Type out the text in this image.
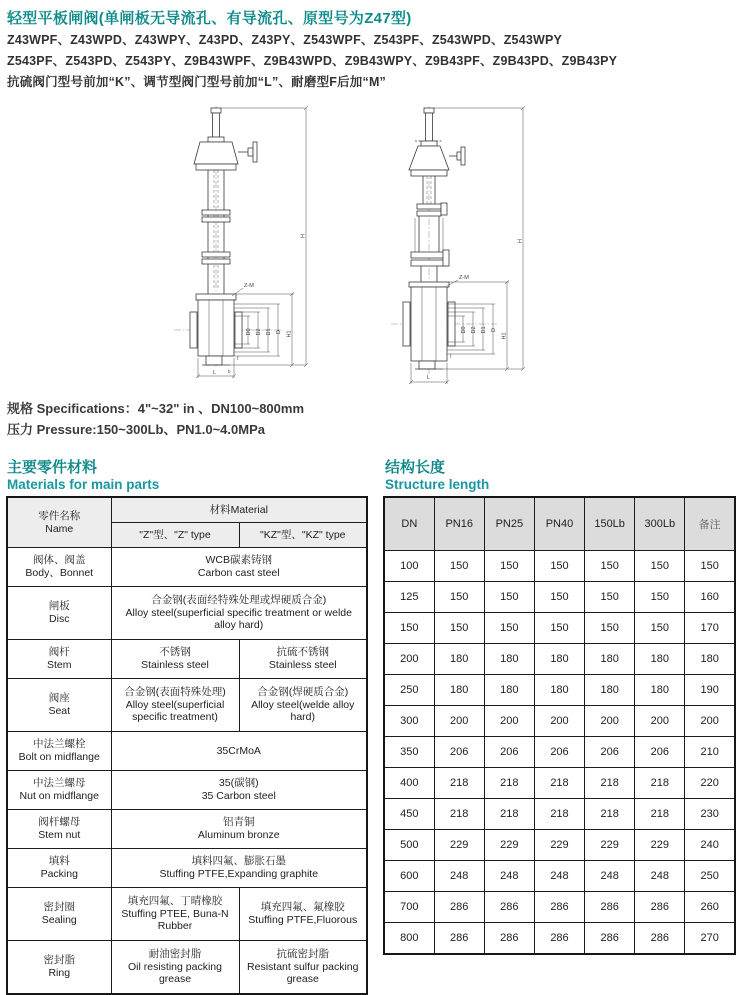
轻型平板闸阀(单闸板无导流孔、有导流孔、原型号为Z47型)
Z43WPF、Z43WPD、Z43WPY、Z43PD、Z43PY、Z543WPF、Z543PF、Z543WPD、Z543WPY
Z543PF、Z543PD、Z543PY、Z9B43WPF、Z9B43WPD、Z9B43WPY、Z9B43PF、Z9B43PD、Z9B43PY
抗硫阀门型号前加“K”、调节型阀门型号前加“L”、耐磨型F后加“M”
Z-M
D0 D2 D1 D H1
H
L
f
b
Z-M
D0 D2 D1 D
H1
H
L
f
规格 Specifications：4"~32" in 、DN100~800mm
压力 Pressure:150~300Lb、PN1.0~4.0MPa
主要零件材料
Materials for main parts
结构长度
Structure length
零件名称
Name	材料Material	
	"Z"型、"Z" type	"KZ"型、"KZ" type

阀体、阀盖
Body、Bonnet	WCB碳素铸钢
Carbon cast steel	

闸板
Disc	合金钢(表面经特殊处理或焊硬质合金)
Alloy steel(superficial specific treatment or welde alloy hard)	

阀杆
Stem	不锈钢
Stainless steel	抗硫不锈钢
Stainless steel

阀座
Seat	合金钢(表面特殊处理)
Alloy steel(superficial specific treatment)	合金钢(焊硬质合金)
Alloy steel(welde alloy hard)

中法兰螺栓
Bolt on midflange	35CrMoA	

中法兰螺母
Nut on midflange	35(碳钢)
35 Carbon steel	

阀杆螺母
Stem nut	铝青铜
Aluminum bronze	

填料
Packing	填料四氟、膨胀石墨
Stuffing PTFE,Expanding graphite	

密封圈
Sealing	填充四氟、丁晴橡胶
Stuffing PTEE, Buna-N Rubber	填充四氟、氟橡胶
Stuffing PTFE,Fluorous

密封脂
Ring	耐油密封脂
Oil resisting packing grease	抗硫密封脂
Resistant sulfur packing grease
DN	PN16	PN25	PN40	150Lb	300Lb	备注
100	150	150	150	150	150	150
125	150	150	150	150	150	160
150	150	150	150	150	150	170
200	180	180	180	180	180	180
250	180	180	180	180	180	190
300	200	200	200	200	200	200
350	206	206	206	206	206	210
400	218	218	218	218	218	220
450	218	218	218	218	218	230
500	229	229	229	229	229	240
600	248	248	248	248	248	250
700	286	286	286	286	286	260
800	286	286	286	286	286	270
